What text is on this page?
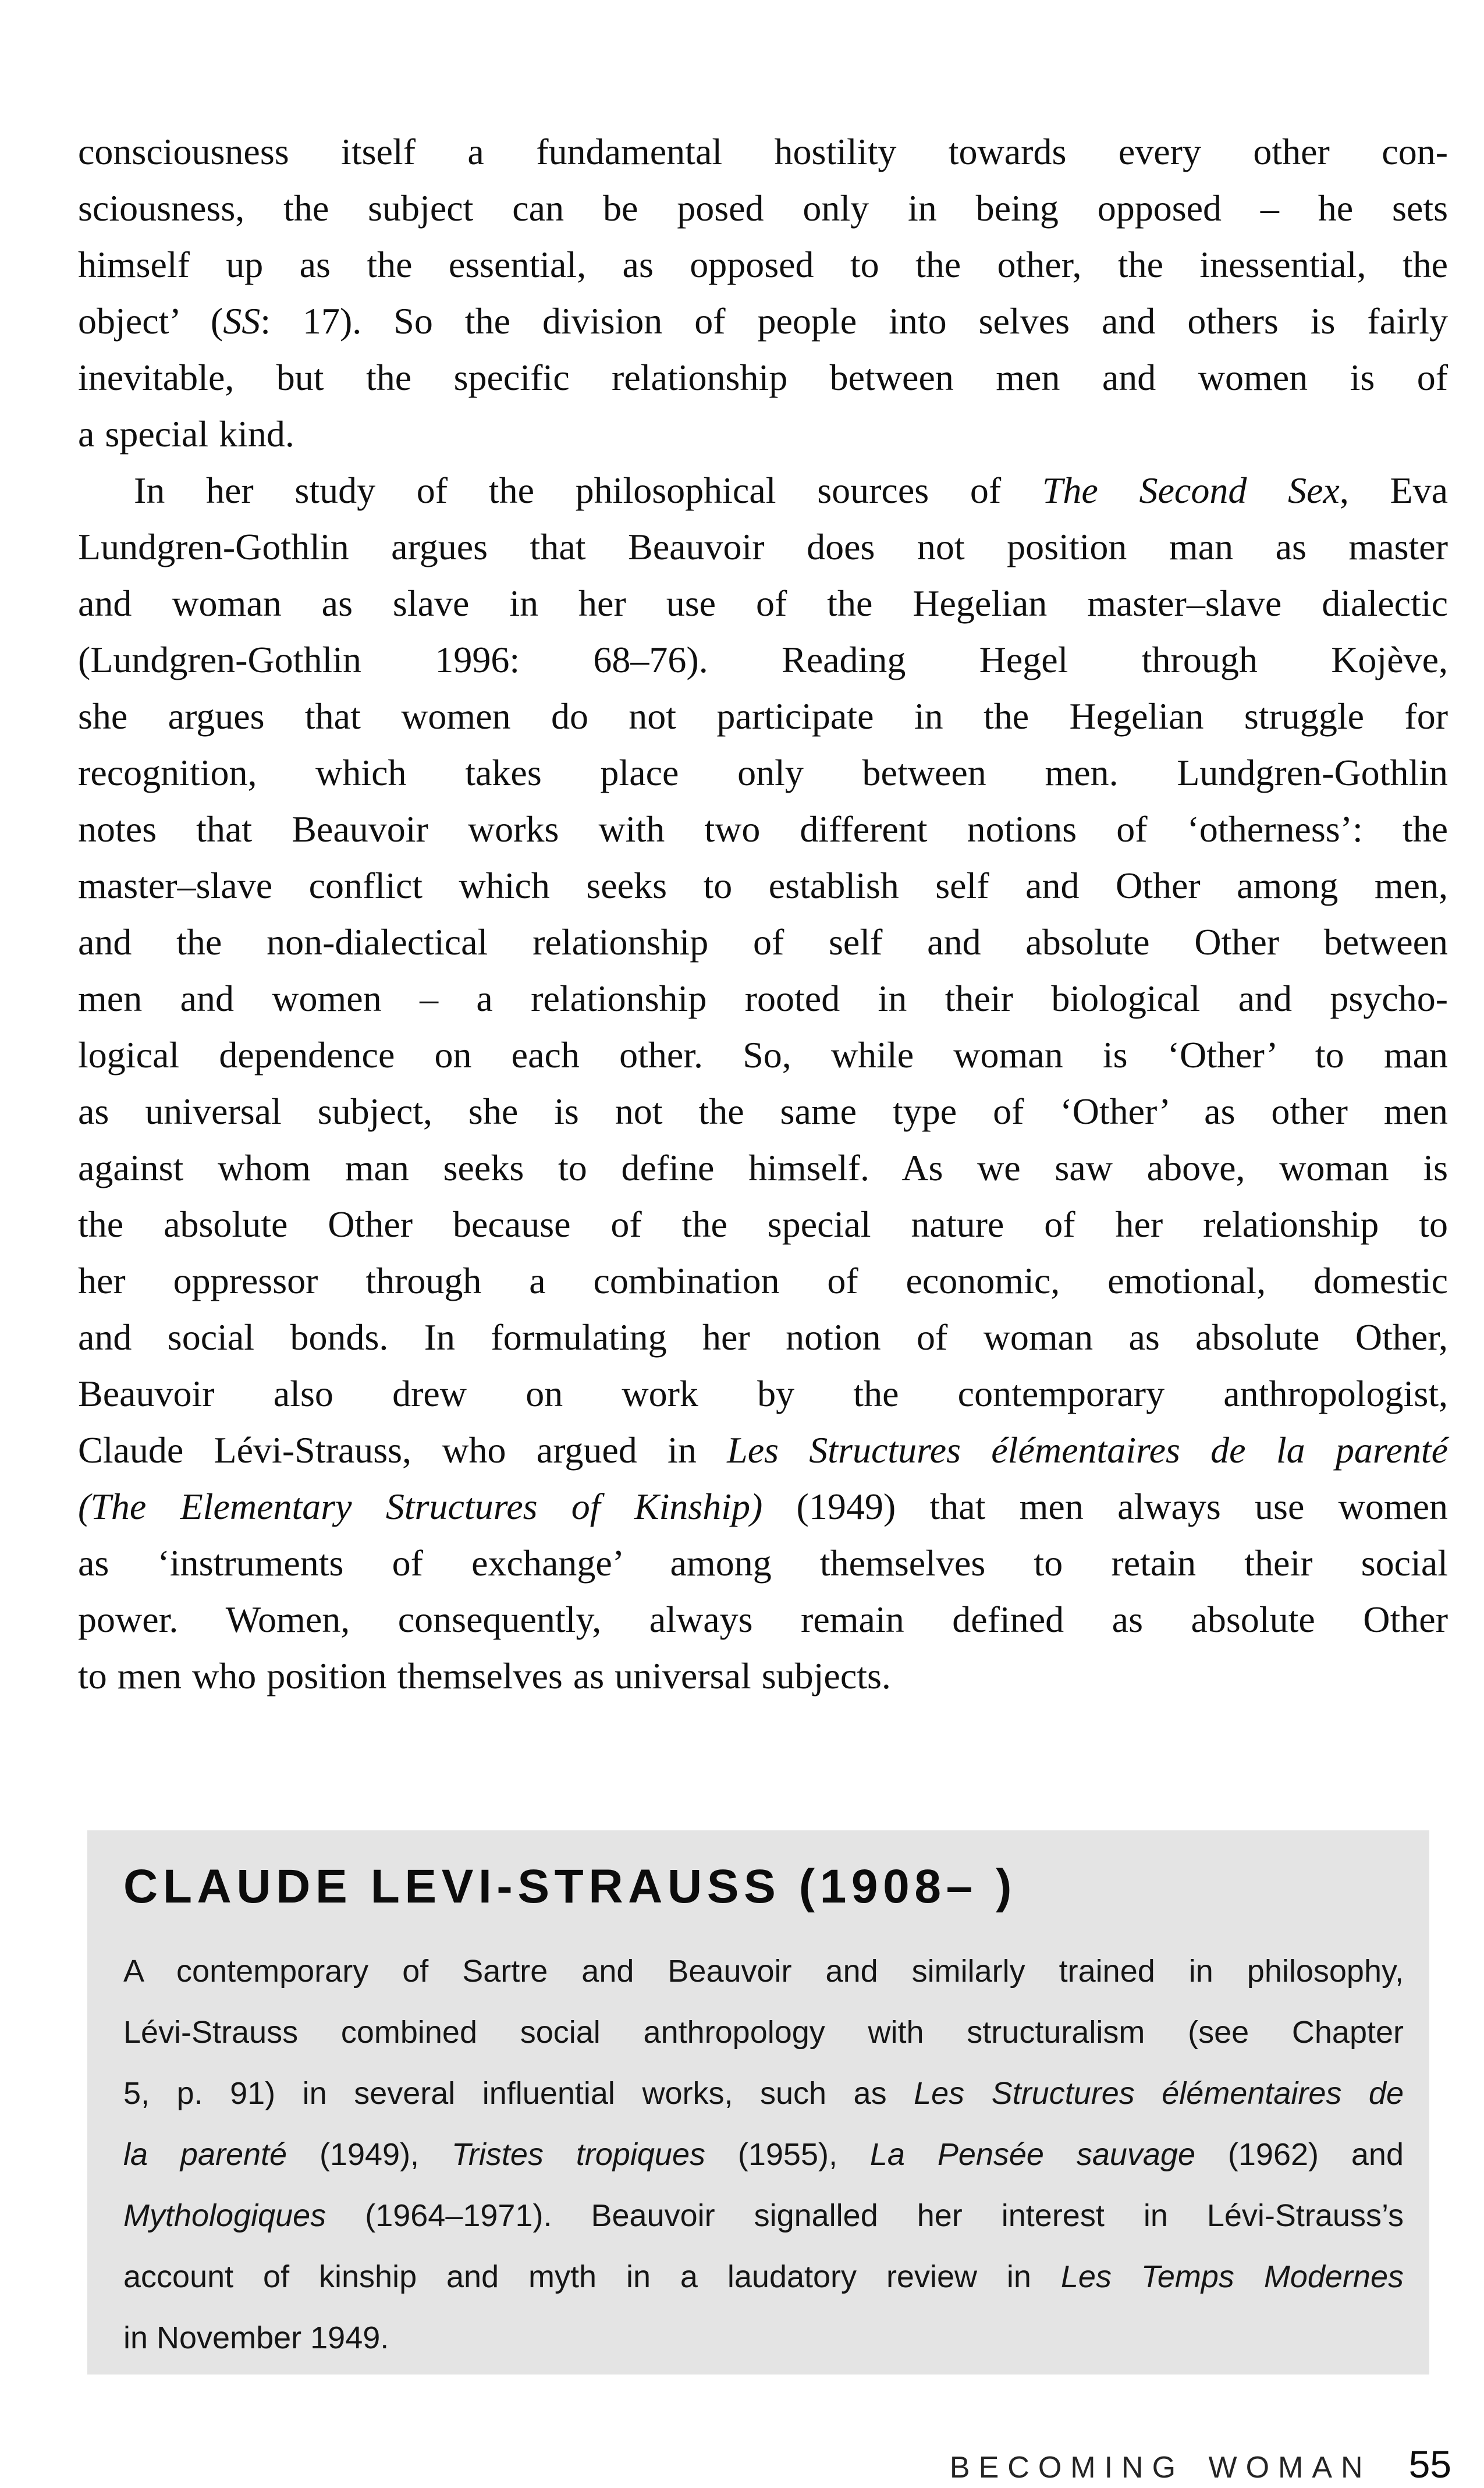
consciousness itself a fundamental hostility towards every other con-
sciousness, the subject can be posed only in being opposed – he sets
himself up as the essential, as opposed to the other, the inessential, the
object’ (SS: 17). So the division of people into selves and others is fairly
inevitable, but the specific relationship between men and women is of
a special kind.
In her study of the philosophical sources of The Second Sex, Eva
Lundgren-Gothlin argues that Beauvoir does not position man as master
and woman as slave in her use of the Hegelian master–slave dialectic
(Lundgren-Gothlin 1996: 68–76). Reading Hegel through Kojève,
she argues that women do not participate in the Hegelian struggle for
recognition, which takes place only between men. Lundgren-Gothlin
notes that Beauvoir works with two different notions of ‘otherness’: the
master–slave conflict which seeks to establish self and Other among men,
and the non-dialectical relationship of self and absolute Other between
men and women – a relationship rooted in their biological and psycho-
logical dependence on each other. So, while woman is ‘Other’ to man
as universal subject, she is not the same type of ‘Other’ as other men
against whom man seeks to define himself. As we saw above, woman is
the absolute Other because of the special nature of her relationship to
her oppressor through a combination of economic, emotional, domestic
and social bonds. In formulating her notion of woman as absolute Other,
Beauvoir also drew on work by the contemporary anthropologist,
Claude Lévi-Strauss, who argued in Les Structures élémentaires de la parenté
(The Elementary Structures of Kinship) (1949) that men always use women
as ‘instruments of exchange’ among themselves to retain their social
power. Women, consequently, always remain defined as absolute Other
to men who position themselves as universal subjects.
CLAUDE LEVI-STRAUSS (1908– )
A contemporary of Sartre and Beauvoir and similarly trained in philosophy,
Lévi-Strauss combined social anthropology with structuralism (see Chapter
5, p. 91) in several influential works, such as Les Structures élémentaires de
la parenté (1949), Tristes tropiques (1955), La Pensée sauvage (1962) and
Mythologiques (1964–1971). Beauvoir signalled her interest in Lévi-Strauss’s
account of kinship and myth in a laudatory review in Les Temps Modernes
in November 1949.
BECOMING WOMAN 55
